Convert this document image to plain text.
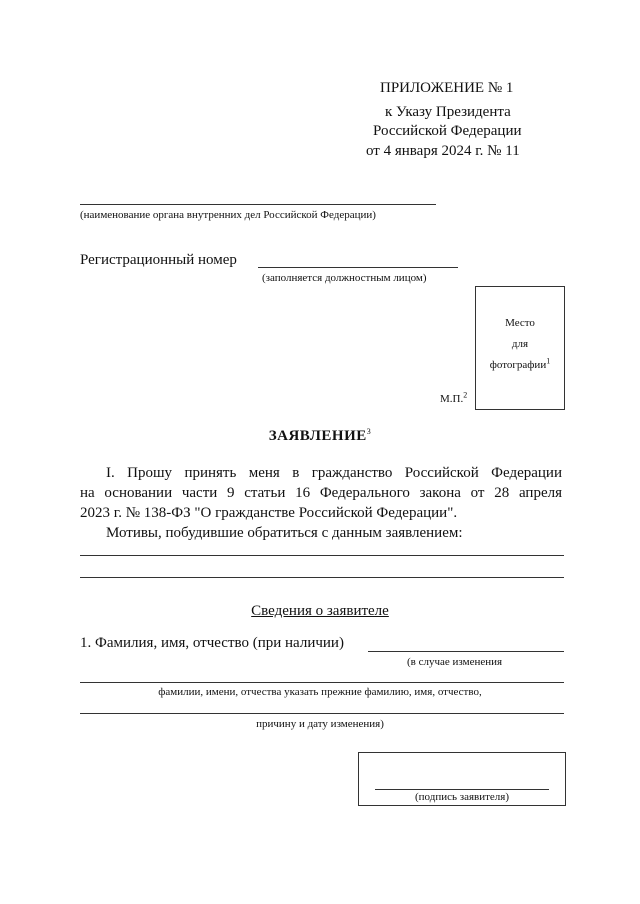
ПРИЛОЖЕНИЕ № 1
к Указу Президента
Российской Федерации
от 4 января 2024 г. № 11
(наименование органа внутренних дел Российской Федерации)
Регистрационный номер
(заполняется должностным лицом)
Место
для
фотографии$^1$
М.П.$^2$
ЗАЯВЛЕНИЕ$^3$
I. Прошу принять меня в гражданство Российской Федерации
на основании части 9 статьи 16 Федерального закона от 28 апреля
2023 г. № 138-ФЗ "О гражданстве Российской Федерации".
Мотивы, побудившие обратиться с данным заявлением:
Сведения о заявителе
1. Фамилия, имя, отчество (при наличии)
(в случае изменения
фамилии, имени, отчества указать прежние фамилию, имя, отчество,
причину и дату изменения)
(подпись заявителя)
